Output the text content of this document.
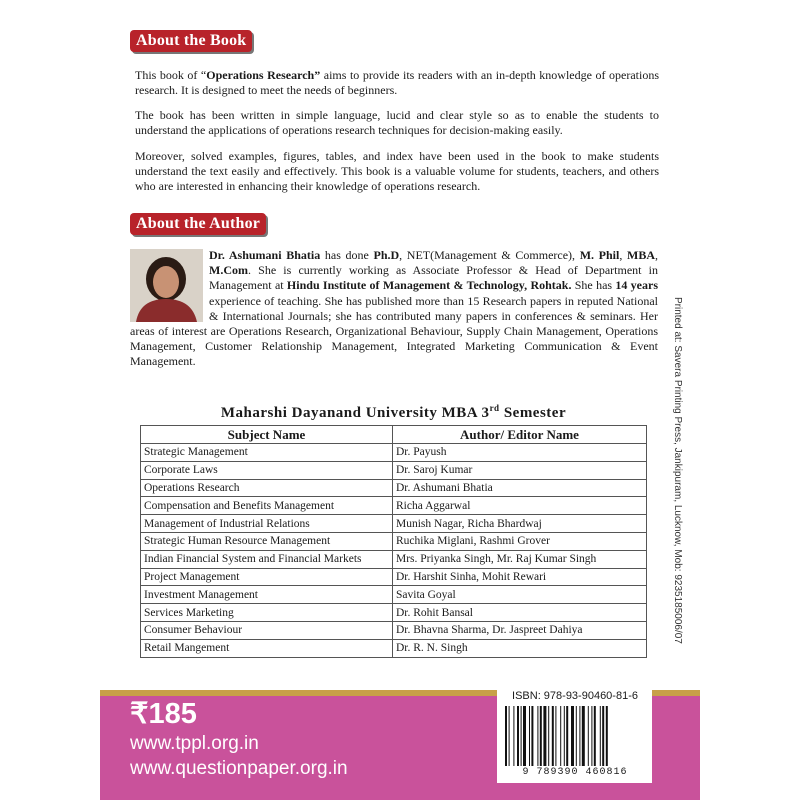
About the Book
This book of “Operations Research” aims to provide its readers with an in-depth knowledge of operations research. It is designed to meet the needs of beginners.
The book has been written in simple language, lucid and clear style so as to enable the students to understand the applications of operations research techniques for decision-making easily.
Moreover, solved examples, figures, tables, and index have been used in the book to make students understand the text easily and effectively. This book is a valuable volume for students, teachers, and others who are interested in enhancing their knowledge of operations research.
About the Author
Dr. Ashumani Bhatia has done Ph.D, NET(Management & Commerce), M. Phil, MBA, M.Com. She is currently working as Associate Professor & Head of Department in Management at Hindu Institute of Management & Technology, Rohtak. She has 14 years experience of teaching. She has published more than 15 Research papers in reputed National & International Journals; she has contributed many papers in conferences & seminars. Her areas of interest are Operations Research, Organizational Behaviour, Supply Chain Management, Operations Management, Customer Relationship Management, Integrated Marketing Communication & Event Management.
Maharshi Dayanand University MBA 3rd Semester
Subject Name	Author/ Editor Name
Strategic Management	Dr. Payush
Corporate Laws	Dr. Saroj Kumar
Operations Research	Dr. Ashumani Bhatia
Compensation and Benefits Management	Richa Aggarwal
Management of Industrial Relations	Munish Nagar, Richa Bhardwaj
Strategic Human Resource Management	Ruchika Miglani, Rashmi Grover
Indian Financial System and Financial Markets	Mrs. Priyanka Singh, Mr. Raj Kumar Singh
Project Management	Dr. Harshit Sinha, Mohit Rewari
Investment Management	Savita Goyal
Services Marketing	Dr. Rohit Bansal
Consumer Behaviour	Dr. Bhavna Sharma, Dr. Jaspreet Dahiya
Retail Mangement	Dr. R. N. Singh
₹185
www.tppl.org.in
www.questionpaper.org.in
ISBN: 978-93-90460-81-6
9 789390 460816
Printed at: Savera Printing Press, Jankipuram, Lucknow, Mob: 9235185006/07
